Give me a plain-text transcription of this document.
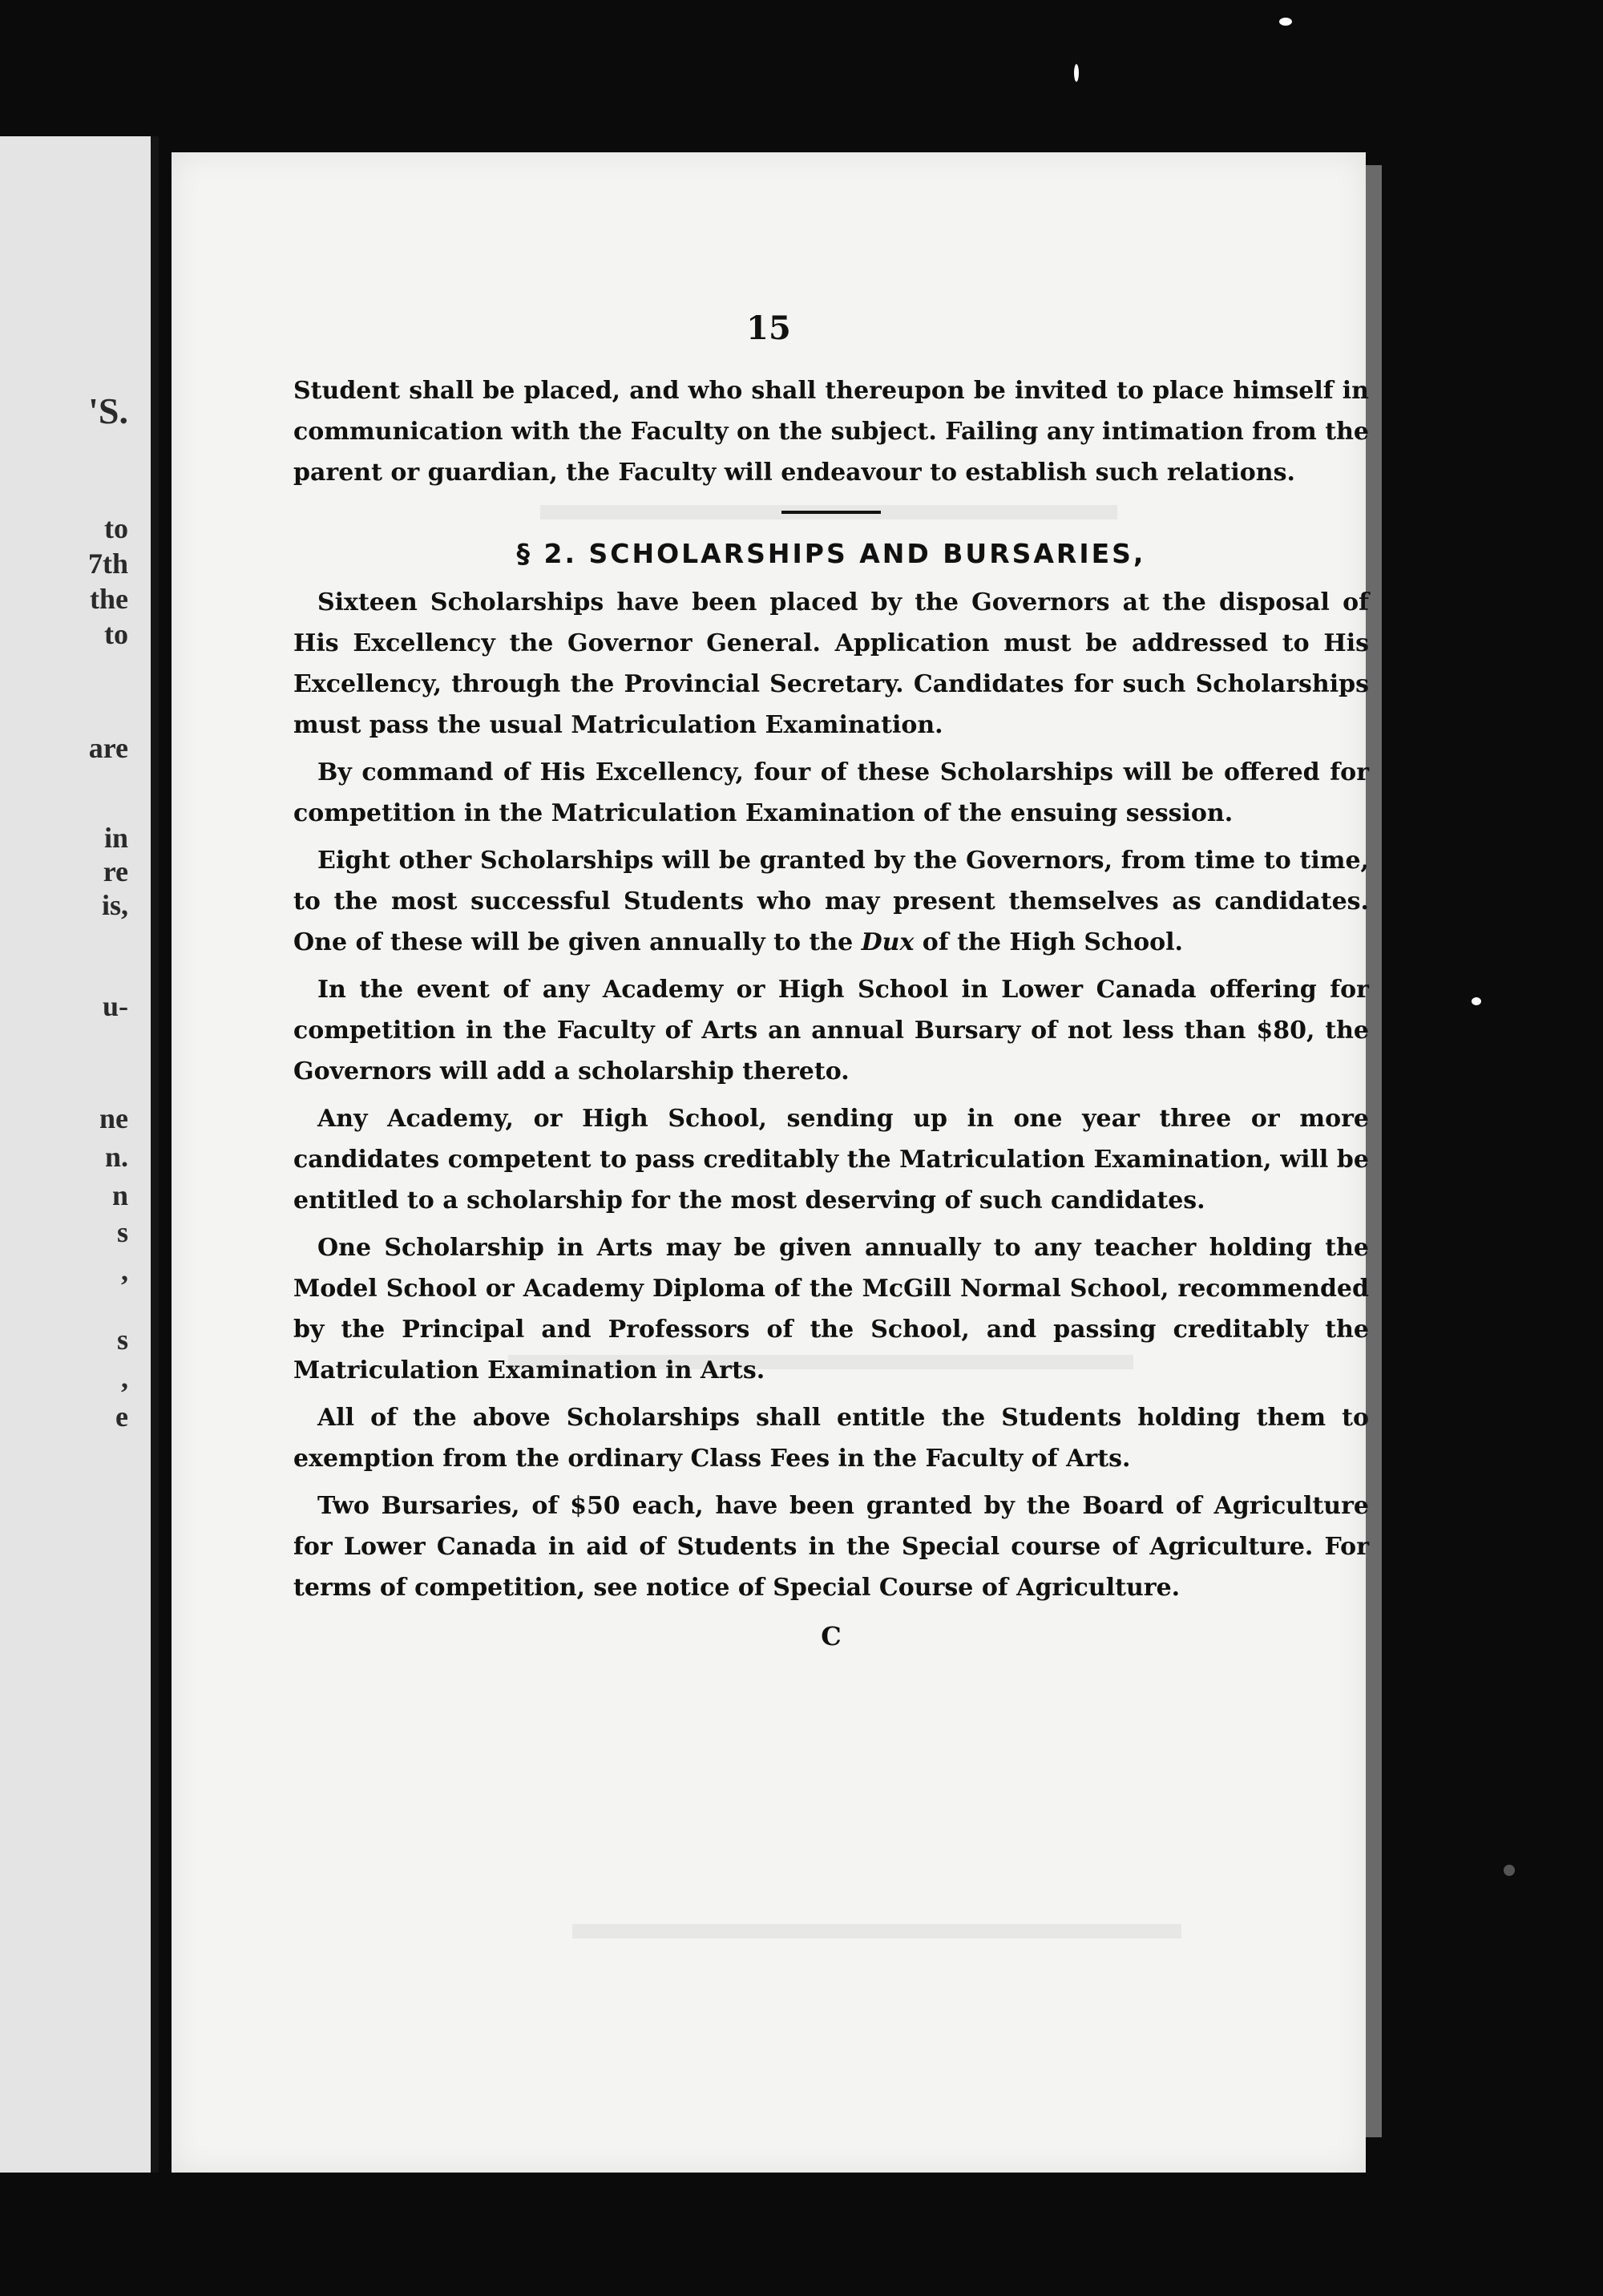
'S.
to
7th
the
to
are
in
re
is,
u-
ne
n.
n
s
,
s
,
e
15

Student shall be placed, and who shall thereupon be invited to place himself in communication with the Faculty on the subject. Failing any intimation from the parent or guardian, the Faculty will endeavour to establish such relations.

§ 2. SCHOLARSHIPS AND BURSARIES,

Sixteen Scholarships have been placed by the Governors at the disposal of His Excellency the Governor General. Application must be addressed to His Excellency, through the Provincial Secretary. Candidates for such Scholarships must pass the usual Matriculation Examination.

By command of His Excellency, four of these Scholarships will be offered for competition in the Matriculation Examination of the ensuing session.

Eight other Scholarships will be granted by the Governors, from time to time, to the most successful Students who may present themselves as candidates. One of these will be given annually to the Dux of the High School.

In the event of any Academy or High School in Lower Canada offering for competition in the Faculty of Arts an annual Bursary of not less than $80, the Governors will add a scholarship thereto.

Any Academy, or High School, sending up in one year three or more candidates competent to pass creditably the Matriculation Examination, will be entitled to a scholarship for the most deserving of such candidates.

One Scholarship in Arts may be given annually to any teacher holding the Model School or Academy Diploma of the McGill Normal School, recommended by the Principal and Professors of the School, and passing creditably the Matriculation Examination in Arts.

All of the above Scholarships shall entitle the Students holding them to exemption from the ordinary Class Fees in the Faculty of Arts.

Two Bursaries, of $50 each, have been granted by the Board of Agriculture for Lower Canada in aid of Students in the Special course of Agriculture. For terms of competition, see notice of Special Course of Agriculture.

C
